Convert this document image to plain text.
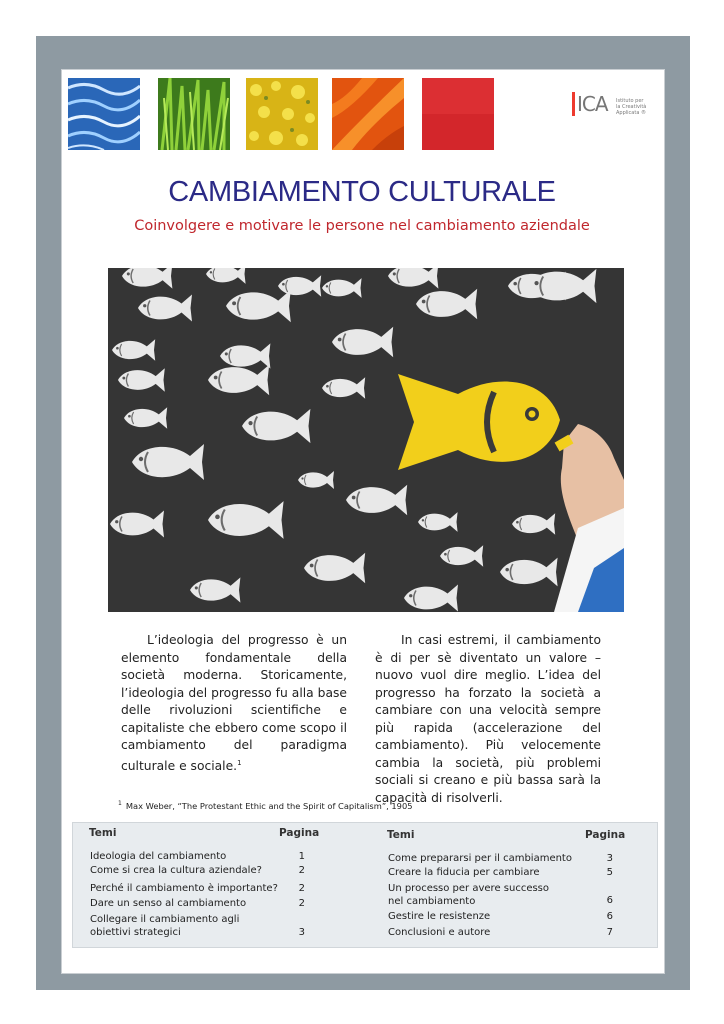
ICA Istituto per
la Creatività
Applicata ®
CAMBIAMENTO CULTURALE
Coinvolgere e motivare le persone nel cambiamento aziendale

L’ideologia del progresso è un elemento fondamentale della società moderna. Storicamente, l’ideologia del progresso fu alla base delle rivoluzioni scientifiche e capitaliste che ebbero come scopo il cambiamento del paradigma culturale e sociale.$^1$

In casi estremi, il cambiamento è di per sè diventato un valore – nuovo vuol dire meglio. L’idea del progresso ha forzato la società a cambiare con una velocità sempre più rapida (accelerazione del cambiamento). Più velocemente cambia la società, più problemi sociali si creano e più bassa sarà la capacità di risolverli.

$^1$ Max Weber, “The Protestant Ethic and the Spirit of Capitalism”, 1905
Temi	Pagina	Temi	Pagina
Ideologia del cambiamento	1
Come si crea la cultura aziendale?	2
Perché il cambiamento è importante?	2
Dare un senso al cambiamento	2
Collegare il cambiamento agli
obiettivi strategici	3
Come prepararsi per il cambiamento	3
Creare la fiducia per cambiare	5
Un processo per avere successo
nel cambiamento	6
Gestire le resistenze	6
Conclusioni e autore	7
